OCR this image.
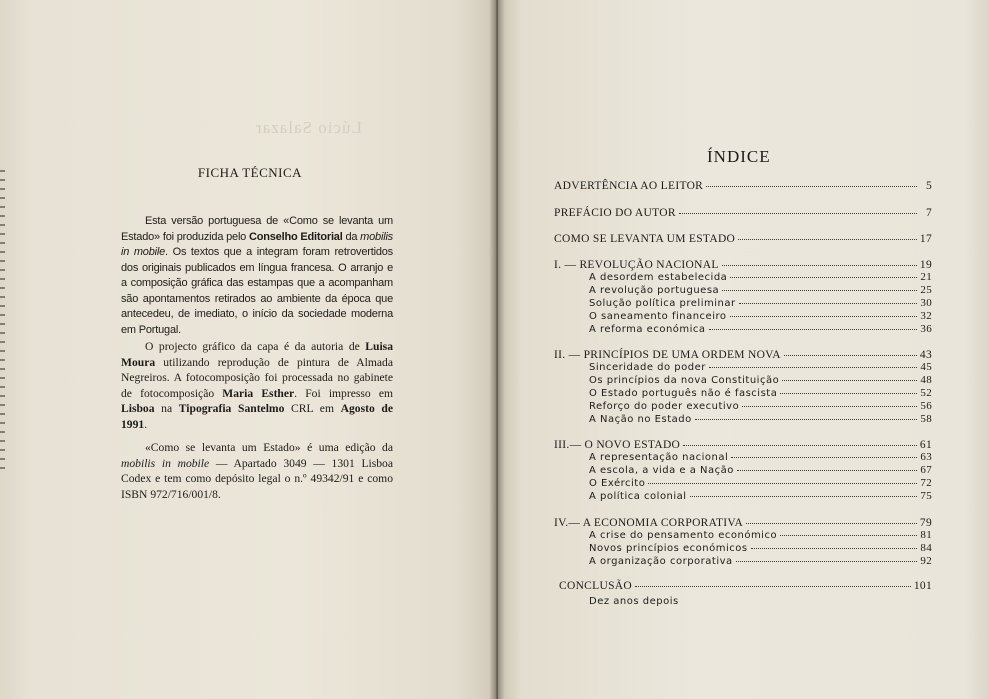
Lúcio Salazar
FICHA TÉCNICA

Esta versão portuguesa de «Como se levanta um Estado» foi produzida pelo Conselho Editorial da mobilis in mobile. Os textos que a integram foram retrovertidos dos originais publicados em língua francesa. O arranjo e a composição gráfica das estampas que a acompanham são apontamentos retirados ao ambiente da época que antecedeu, de imediato, o início da sociedade moderna em Portugal.

O projecto gráfico da capa é da autoria de Luisa Moura utilizando reprodução de pintura de Almada Negreiros. A fotocomposição foi processada no gabinete de fotocomposição Maria Esther. Foi impresso em Lisboa na Tipografia Santelmo CRL em Agosto de 1991.

«Como se levanta um Estado» é uma edição da mobilis in mobile — Apartado 3049 — 1301 Lisboa Codex e tem como depósito legal o n.º 49342/91 e como ISBN 972/716/001/8.

ÍNDICE
ADVERTÊNCIA AO LEITOR	5
PREFÁCIO DO AUTOR	7
COMO SE LEVANTA UM ESTADO	17
I. — REVOLUÇÃO NACIONAL	19
A desordem estabelecida	21
A revolução portuguesa	25
Solução política preliminar	30
O saneamento financeiro	32
A reforma económica	36
II. — PRINCÍPIOS DE UMA ORDEM NOVA	43
Sinceridade do poder	45
Os princípios da nova Constituição	48
O Estado português não é fascista	52
Reforço do poder executivo	56
A Nação no Estado	58
III.— O NOVO ESTADO	61
A representação nacional	63
A escola, a vida e a Nação	67
O Exército	72
A política colonial	75
IV.— A ECONOMIA CORPORATIVA	79
A crise do pensamento económico	81
Novos princípios económicos	84
A organização corporativa	92
CONCLUSÃO	101
Dez anos depois
